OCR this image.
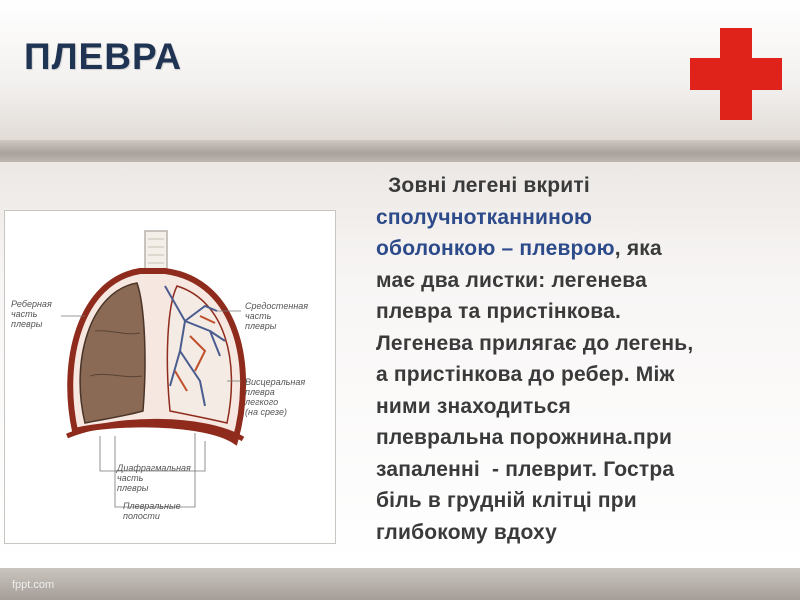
ПЛЕВРА
Реберная
часть
плевры
Средостенная
часть
плевры
Висцеральная
плевра
легкого
(на срезе)
Диафрагмальная
часть
плевры
Плевральные
полости
Зовні легені вкриті
сполучнотканниною
оболонкою – плеврою, яка
має два листки: легенева
плевра та пристінкова.
Легенева прилягає до легень,
а пристінкова до ребер. Між
ними знаходиться
плевральна порожнина.при
запаленні  - плеврит. Гостра
біль в грудній клітці при
глибокому вдоху
fppt.com
